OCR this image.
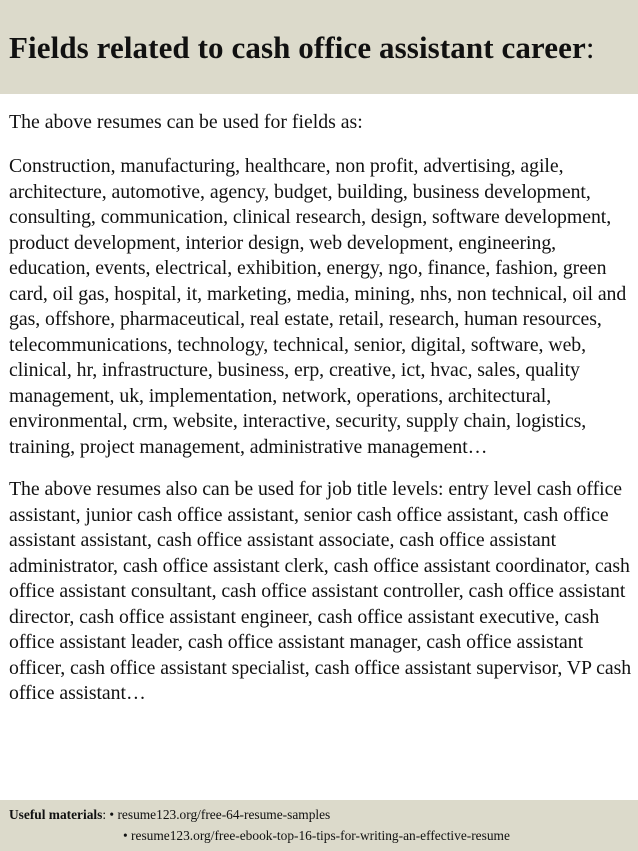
Fields related to cash office assistant career:

The above resumes can be used for fields as:

Construction, manufacturing, healthcare, non profit, advertising, agile, architecture, automotive, agency, budget, building, business development, consulting, communication, clinical research, design, software development, product development, interior design, web development, engineering, education, events, electrical, exhibition, energy, ngo, finance, fashion, green card, oil gas, hospital, it, marketing, media, mining, nhs, non technical, oil and gas, offshore, pharmaceutical, real estate, retail, research, human resources, telecommunications, technology, technical, senior, digital, software, web, clinical, hr, infrastructure, business, erp, creative, ict, hvac, sales, quality management, uk, implementation, network, operations, architectural, environmental, crm, website, interactive, security, supply chain, logistics, training, project management, administrative management…

The above resumes also can be used for job title levels: entry level cash office assistant, junior cash office assistant, senior cash office assistant, cash office assistant assistant, cash office assistant associate, cash office assistant administrator, cash office assistant clerk, cash office assistant coordinator, cash office assistant consultant, cash office assistant controller, cash office assistant director, cash office assistant engineer, cash office assistant executive, cash office assistant leader, cash office assistant manager, cash office assistant officer, cash office assistant specialist, cash office assistant supervisor, VP cash office assistant…

Useful materials: • resume123.org/free-64-resume-samples
• resume123.org/free-ebook-top-16-tips-for-writing-an-effective-resume
